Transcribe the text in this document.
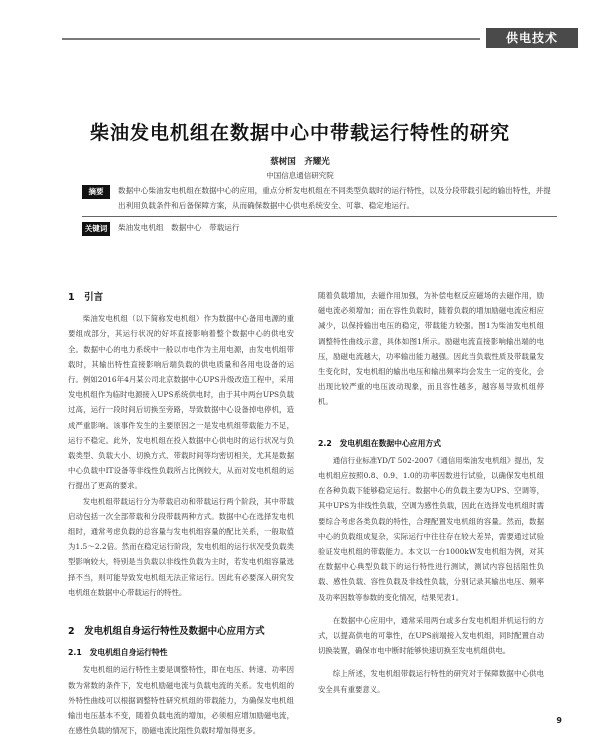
供电技术
柴油发电机组在数据中心中带载运行特性的研究
蔡树国　齐耀光
中国信息通信研究院
摘要	数据中心柴油发电机组在数据中心的应用，重点分析发电机组在不同类型负载时的运行特性，以及分段带载引起的输出特性，并提出利用负载条件和后备保障方案，从而确保数据中心供电系统安全、可靠、稳定地运行。
关键词	柴油发电机组　数据中心　带载运行
1　引言

柴油发电机组（以下简称发电机组）作为数据中心备用电源的重要组成部分，其运行状况的好坏直接影响着整个数据中心的供电安全。数据中心的电力系统中一般以市电作为主用电源，由发电机组带载时，其输出特性直接影响后端负载的供电质量和各用电设备的运行。例如2016年4月某公司北京数据中心UPS升级改造工程中，采用发电机组作为临时电源接入UPS系统供电时，由于其中两台UPS负载过高，运行一段时间后切换至旁路，导致数据中心设备掉电停机，造成严重影响。该事件发生的主要原因之一是发电机组带载能力不足，运行不稳定。此外，发电机组在投入数据中心供电时的运行状况与负载类型、负载大小、切换方式、带载时间等均密切相关，尤其是数据中心负载中IT设备等非线性负载所占比例较大，从而对发电机组的运行提出了更高的要求。

发电机组带载运行分为带载启动和带载运行两个阶段，其中带载启动包括一次全部带载和分段带载两种方式。数据中心在选择发电机组时，通常考虑负载的总容量与发电机组容量的配比关系，一般取值为1.5～2.2倍。然而在稳定运行阶段，发电机组的运行状况受负载类型影响较大，特别是当负载以非线性负载为主时，若发电机组容量选择不当，则可能导致发电机组无法正常运行。因此有必要深入研究发电机组在数据中心带载运行的特性。

2　发电机组自身运行特性及数据中心应用方式
2.1　发电机组自身运行特性

发电机组的运行特性主要是调整特性，即在电压、转速、功率因数为常数的条件下，发电机励磁电流与负载电流的关系。发电机组的外特性曲线可以根据调整特性研究机组的带载能力，为确保发电机组输出电压基本不变，随着负载电流的增加，必须相应增加励磁电流，在感性负载的情况下，励磁电流比阻性负载时增加得更多。

随着负载增加，去磁作用加强，为补偿电枢反应磁场的去磁作用，励磁电流必须增加；而在容性负载时，随着负载的增加励磁电流应相应减少，以保持输出电压的稳定，带载能力较强。图1为柴油发电机组调整特性曲线示意，具体如图1所示。励磁电流直接影响输出端的电压，励磁电流越大，功率输出能力越强。因此当负载性质及带载量发生变化时，发电机组的输出电压和输出频率均会发生一定的变化，会出现比较严重的电压波动现象，而且容性越多，越容易导致机组停机。

2.2　发电机组在数据中心应用方式

通信行业标准YD/T 502-2007《通信用柴油发电机组》提出，发电机组应按照0.8、0.9、1.0的功率因数进行试验，以确保发电机组在各种负载下能够稳定运行。数据中心的负载主要为UPS、空调等，其中UPS为非线性负载，空调为感性负载，因此在选择发电机组时需要综合考虑各类负载的特性，合理配置发电机组的容量。然而，数据中心的负载组成复杂，实际运行中往往存在较大差异，需要通过试验验证发电机组的带载能力。本文以一台1000kW发电机组为例，对其在数据中心典型负载下的运行特性进行测试，测试内容包括阻性负载、感性负载、容性负载及非线性负载，分别记录其输出电压、频率及功率因数等参数的变化情况，结果见表1。

在数据中心应用中，通常采用两台或多台发电机组并机运行的方式，以提高供电的可靠性，在UPS前端接入发电机组，同时配置自动切换装置，确保市电中断时能够快速切换至发电机组供电。

综上所述，发电机组带载运行特性的研究对于保障数据中心供电安全具有重要意义。

9
